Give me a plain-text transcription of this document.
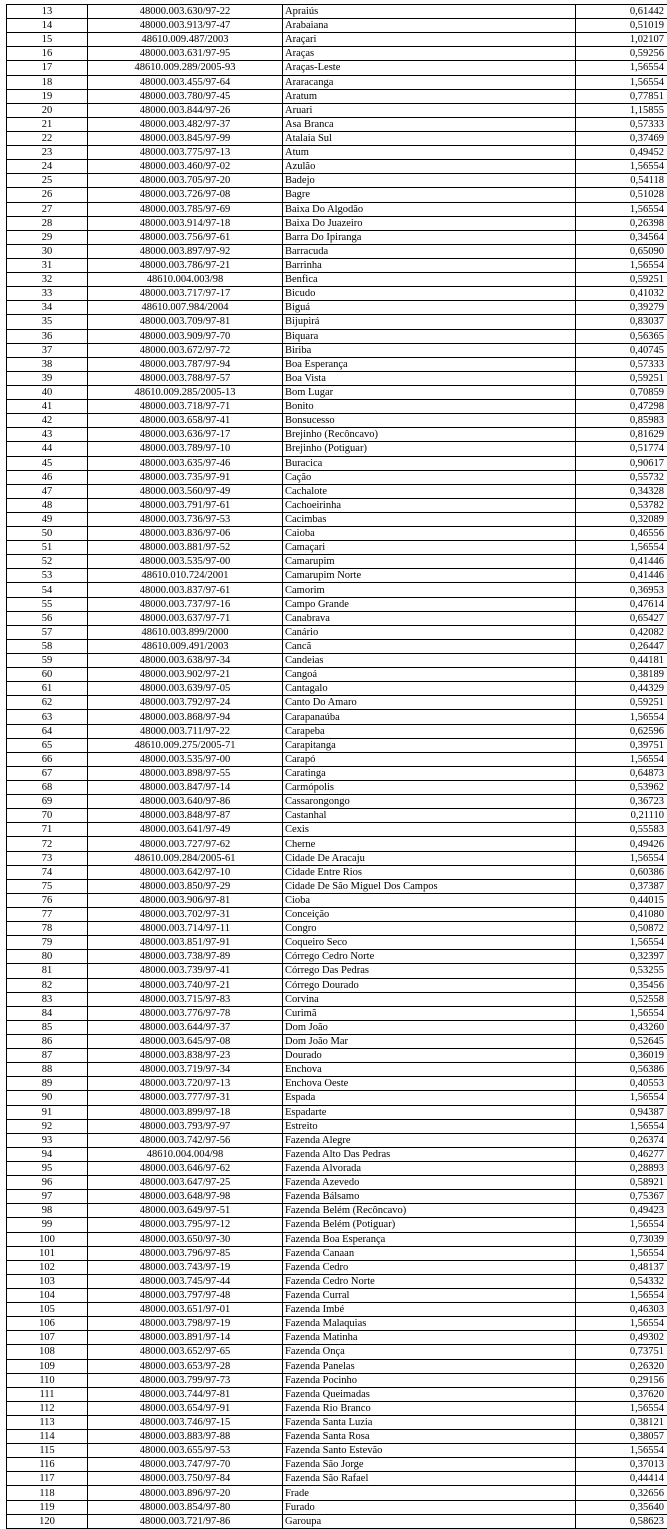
13	48000.003.630/97-22	Apraiús	0,61442
14	48000.003.913/97-47	Arabaiana	0,51019
15	48610.009.487/2003	Araçari	1,02107
16	48000.003.631/97-95	Araças	0,59256
17	48610.009.289/2005-93	Araças-Leste	1,56554
18	48000.003.455/97-64	Araracanga	1,56554
19	48000.003.780/97-45	Aratum	0,77851
20	48000.003.844/97-26	Aruari	1,15855
21	48000.003.482/97-37	Asa Branca	0,57333
22	48000.003.845/97-99	Atalaia Sul	0,37469
23	48000.003.775/97-13	Atum	0,49452
24	48000.003.460/97-02	Azulão	1,56554
25	48000.003.705/97-20	Badejo	0,54118
26	48000.003.726/97-08	Bagre	0,51028
27	48000.003.785/97-69	Baixa Do Algodão	1,56554
28	48000.003.914/97-18	Baixa Do Juazeiro	0,26398
29	48000.003.756/97-61	Barra Do Ipiranga	0,34564
30	48000.003.897/97-92	Barracuda	0,65090
31	48000.003.786/97-21	Barrinha	1,56554
32	48610.004.003/98	Benfica	0,59251
33	48000.003.717/97-17	Bicudo	0,41032
34	48610.007.984/2004	Biguá	0,39279
35	48000.003.709/97-81	Bijupirá	0,83037
36	48000.003.909/97-70	Biquara	0,56365
37	48000.003.672/97-72	Biriba	0,40745
38	48000.003.787/97-94	Boa Esperança	0,57333
39	48000.003.788/97-57	Boa Vista	0,59251
40	48610.009.285/2005-13	Bom Lugar	0,70859
41	48000.003.718/97-71	Bonito	0,47298
42	48000.003.658/97-41	Bonsucesso	0,85983
43	48000.003.636/97-17	Brejinho (Recôncavo)	0,81629
44	48000.003.789/97-10	Brejinho (Potiguar)	0,51774
45	48000.003.635/97-46	Buracica	0,90617
46	48000.003.735/97-91	Cação	0,55732
47	48000.003.560/97-49	Cachalote	0,34328
48	48000.003.791/97-61	Cachoeirinha	0,53782
49	48000.003.736/97-53	Cacimbas	0,32089
50	48000.003.836/97-06	Caioba	0,46556
51	48000.003.881/97-52	Camaçari	1,56554
52	48000.003.535/97-00	Camarupim	0,41446
53	48610.010.724/2001	Camarupim Norte	0,41446
54	48000.003.837/97-61	Camorim	0,36953
55	48000.003.737/97-16	Campo Grande	0,47614
56	48000.003.637/97-71	Canabrava	0,65427
57	48610.003.899/2000	Canário	0,42082
58	48610.009.491/2003	Cancã	0,26447
59	48000.003.638/97-34	Candeias	0,44181
60	48000.003.902/97-21	Cangoá	0,38189
61	48000.003.639/97-05	Cantagalo	0,44329
62	48000.003.792/97-24	Canto Do Amaro	0,59251
63	48000.003.868/97-94	Carapanaúba	1,56554
64	48000.003.711/97-22	Carapeba	0,62596
65	48610.009.275/2005-71	Carapitanga	0,39751
66	48000.003.535/97-00	Carapó	1,56554
67	48000.003.898/97-55	Caratinga	0,64873
68	48000.003.847/97-14	Carmópolis	0,53962
69	48000.003.640/97-86	Cassarongongo	0,36723
70	48000.003.848/97-87	Castanhal	0,21110
71	48000.003.641/97-49	Cexis	0,55583
72	48000.003.727/97-62	Cherne	0,49426
73	48610.009.284/2005-61	Cidade De Aracaju	1,56554
74	48000.003.642/97-10	Cidade Entre Rios	0,60386
75	48000.003.850/97-29	Cidade De São Miguel Dos Campos	0,37387
76	48000.003.906/97-81	Cioba	0,44015
77	48000.003.702/97-31	Conceição	0,41080
78	48000.003.714/97-11	Congro	0,50872
79	48000.003.851/97-91	Coqueiro Seco	1,56554
80	48000.003.738/97-89	Córrego Cedro Norte	0,32397
81	48000.003.739/97-41	Córrego Das Pedras	0,53255
82	48000.003.740/97-21	Córrego Dourado	0,35456
83	48000.003.715/97-83	Corvina	0,52558
84	48000.003.776/97-78	Curimã	1,56554
85	48000.003.644/97-37	Dom João	0,43260
86	48000.003.645/97-08	Dom João Mar	0,52645
87	48000.003.838/97-23	Dourado	0,36019
88	48000.003.719/97-34	Enchova	0,56386
89	48000.003.720/97-13	Enchova Oeste	0,40553
90	48000.003.777/97-31	Espada	1,56554
91	48000.003.899/97-18	Espadarte	0,94387
92	48000.003.793/97-97	Estreito	1,56554
93	48000.003.742/97-56	Fazenda Alegre	0,26374
94	48610.004.004/98	Fazenda Alto Das Pedras	0,46277
95	48000.003.646/97-62	Fazenda Alvorada	0,28893
96	48000.003.647/97-25	Fazenda Azevedo	0,58921
97	48000.003.648/97-98	Fazenda Bálsamo	0,75367
98	48000.003.649/97-51	Fazenda Belém (Recôncavo)	0,49423
99	48000.003.795/97-12	Fazenda Belém (Potiguar)	1,56554
100	48000.003.650/97-30	Fazenda Boa Esperança	0,73039
101	48000.003.796/97-85	Fazenda Canaan	1,56554
102	48000.003.743/97-19	Fazenda Cedro	0,48137
103	48000.003.745/97-44	Fazenda Cedro Norte	0,54332
104	48000.003.797/97-48	Fazenda Curral	1,56554
105	48000.003.651/97-01	Fazenda Imbé	0,46303
106	48000.003.798/97-19	Fazenda Malaquias	1,56554
107	48000.003.891/97-14	Fazenda Matinha	0,49302
108	48000.003.652/97-65	Fazenda Onça	0,73751
109	48000.003.653/97-28	Fazenda Panelas	0,26320
110	48000.003.799/97-73	Fazenda Pocinho	0,29156
111	48000.003.744/97-81	Fazenda Queimadas	0,37620
112	48000.003.654/97-91	Fazenda Rio Branco	1,56554
113	48000.003.746/97-15	Fazenda Santa Luzia	0,38121
114	48000.003.883/97-88	Fazenda Santa Rosa	0,38057
115	48000.003.655/97-53	Fazenda Santo Estevão	1,56554
116	48000.003.747/97-70	Fazenda São Jorge	0,37013
117	48000.003.750/97-84	Fazenda São Rafael	0,44414
118	48000.003.896/97-20	Frade	0,32656
119	48000.003.854/97-80	Furado	0,35640
120	48000.003.721/97-86	Garoupa	0,58623
